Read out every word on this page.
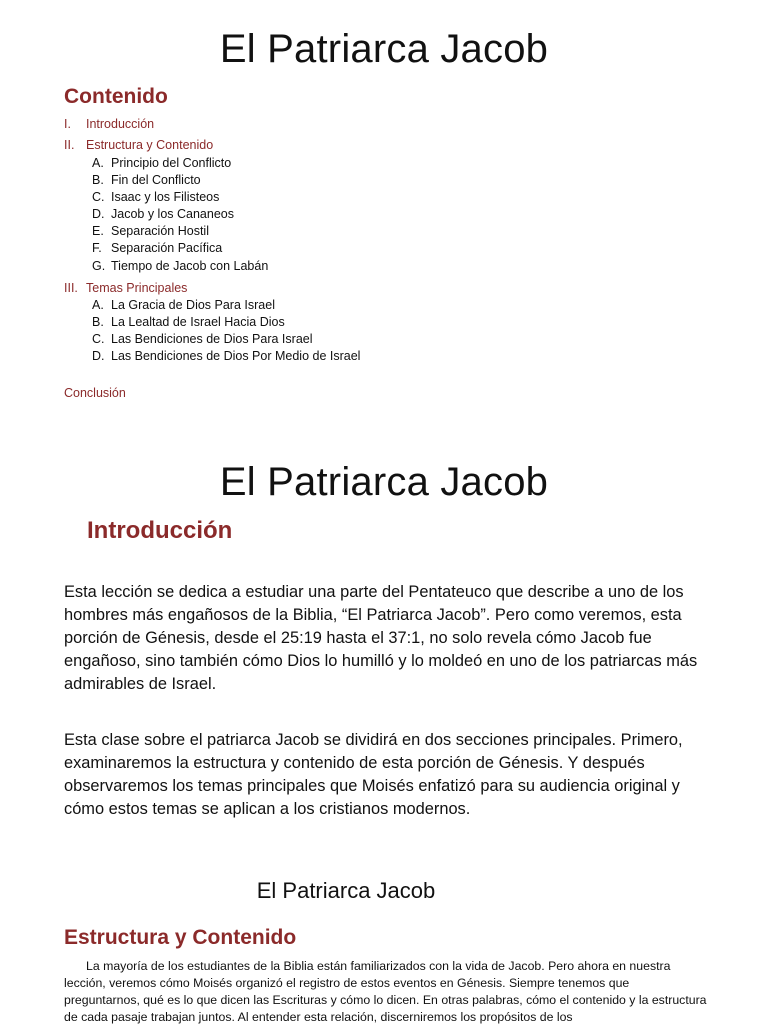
El Patriarca Jacob
Contenido
I. Introducción
II. Estructura y Contenido
A. Principio del Conflicto
B. Fin del Conflicto
C. Isaac y los Filisteos
D. Jacob y los Cananeos
E. Separación Hostil
F. Separación Pacífica
G. Tiempo de Jacob con Labán
III. Temas Principales
A. La Gracia de Dios Para Israel
B. La Lealtad de Israel Hacia Dios
C. Las Bendiciones de Dios Para Israel
D. Las Bendiciones de Dios Por Medio de Israel
Conclusión
El Patriarca Jacob
Introducción
Esta lección se dedica a estudiar una parte del Pentateuco que describe a uno de los hombres más engañosos de la Biblia, “El Patriarca Jacob”. Pero como veremos, esta porción de Génesis, desde el 25:19 hasta el 37:1, no solo revela cómo Jacob fue engañoso, sino también cómo Dios lo humilló y lo moldeó en uno de los patriarcas más admirables de Israel.
Esta clase sobre el patriarca Jacob se dividirá en dos secciones principales. Primero, examinaremos la estructura y contenido de esta porción de Génesis. Y después observaremos los temas principales que Moisés enfatizó para su audiencia original y cómo estos temas se aplican a los cristianos modernos.
El Patriarca Jacob
Estructura y Contenido
La mayoría de los estudiantes de la Biblia están familiarizados con la vida de Jacob. Pero ahora en nuestra lección, veremos cómo Moisés organizó el registro de estos eventos en Génesis. Siempre tenemos que preguntarnos, qué es lo que dicen las Escrituras y cómo lo dicen. En otras palabras, cómo el contenido y la estructura de cada pasaje trabajan juntos. Al entender esta relación, discerniremos los propósitos de los
